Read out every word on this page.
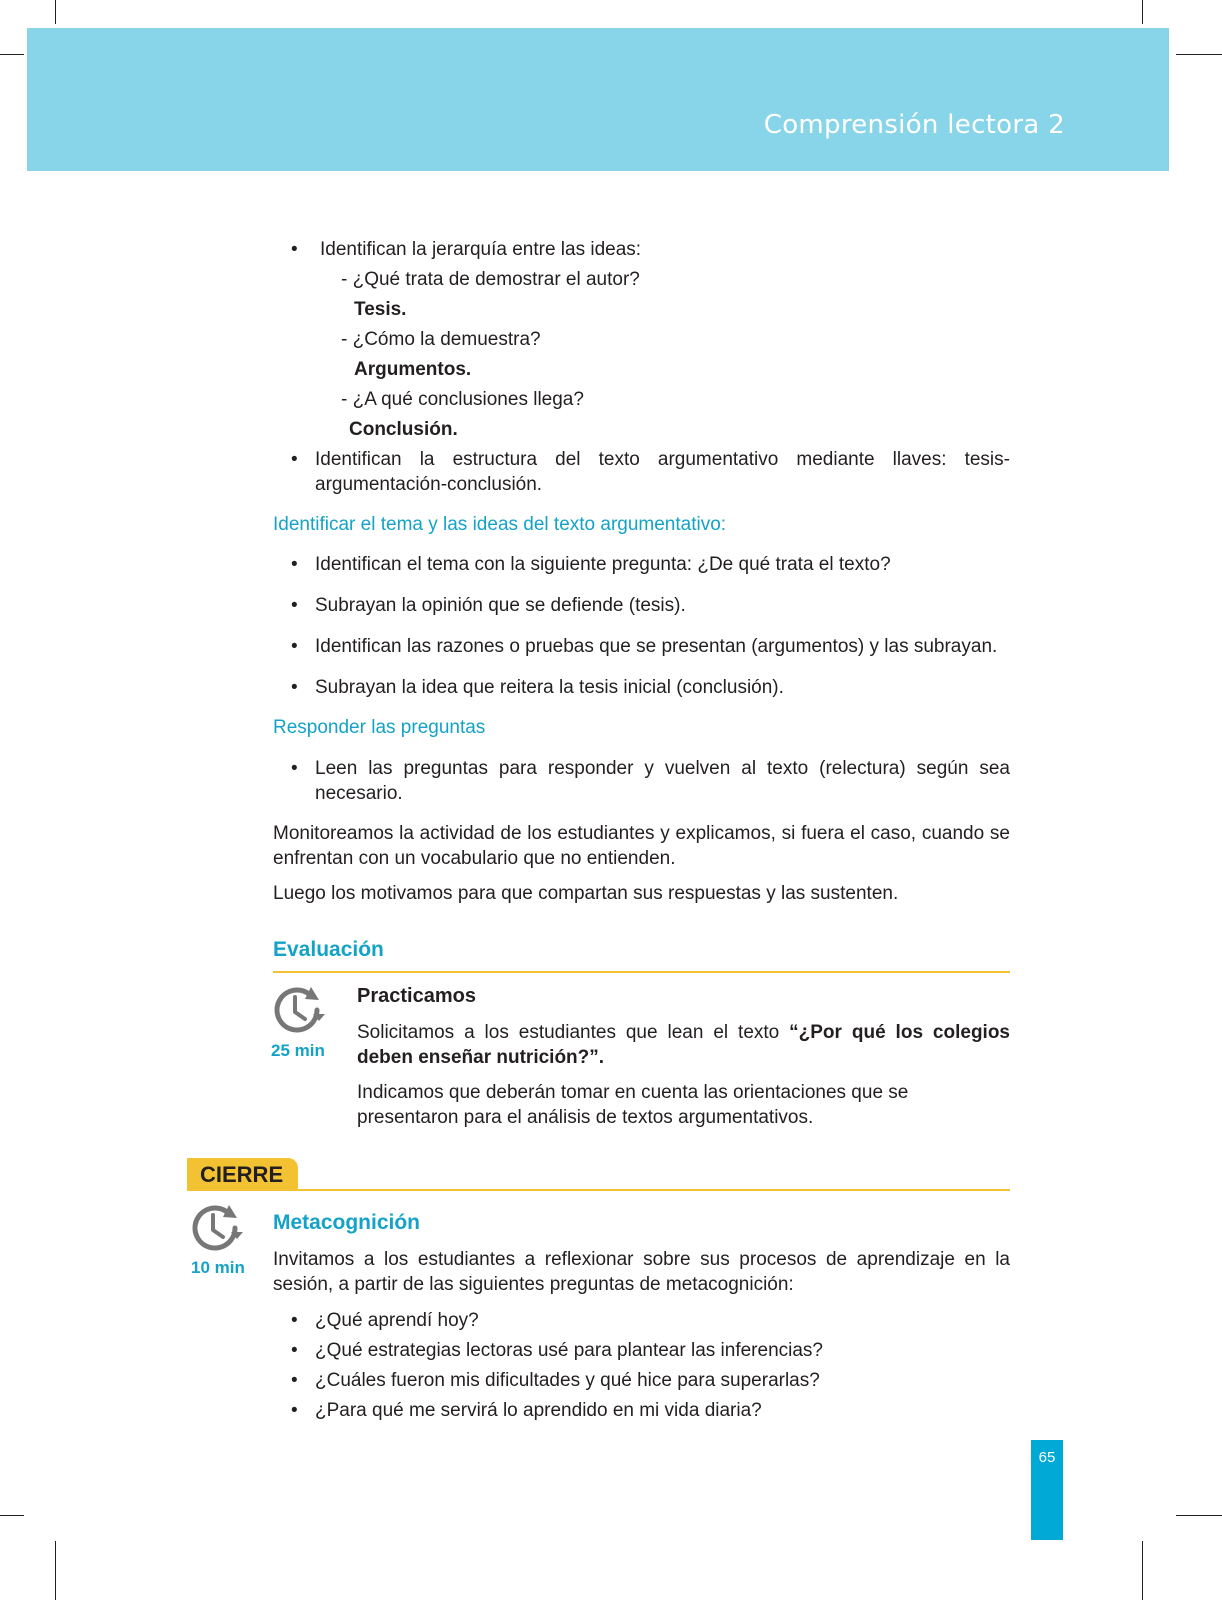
Comprensión lectora 2
• Identifican la jerarquía entre las ideas:
- ¿Qué trata de demostrar el autor?
Tesis.
- ¿Cómo la demuestra?
Argumentos.
- ¿A qué conclusiones llega?
Conclusión.
• Identifican la estructura del texto argumentativo mediante llaves: tesis-argumentación-conclusión.
Identificar el tema y las ideas del texto argumentativo:
• Identifican el tema con la siguiente pregunta: ¿De qué trata el texto?
• Subrayan la opinión que se defiende (tesis).
• Identifican las razones o pruebas que se presentan (argumentos) y las subrayan.
• Subrayan la idea que reitera la tesis inicial (conclusión).
Responder las preguntas
• Leen las preguntas para responder y vuelven al texto (relectura) según sea necesario.
Monitoreamos la actividad de los estudiantes y explicamos, si fuera el caso, cuando se enfrentan con un vocabulario que no entienden.
Luego los motivamos para que compartan sus respuestas y las sustenten.
Evaluación
25 min
Practicamos
Solicitamos a los estudiantes que lean el texto “¿Por qué los colegios deben enseñar nutrición?”.
Indicamos que deberán tomar en cuenta las orientaciones que se presentaron para el análisis de textos argumentativos.
CIERRE
10 min
Metacognición
Invitamos a los estudiantes a reflexionar sobre sus procesos de aprendizaje en la sesión, a partir de las siguientes preguntas de metacognición:
• ¿Qué aprendí hoy?
• ¿Qué estrategias lectoras usé para plantear las inferencias?
• ¿Cuáles fueron mis dificultades y qué hice para superarlas?
• ¿Para qué me servirá lo aprendido en mi vida diaria?
65
